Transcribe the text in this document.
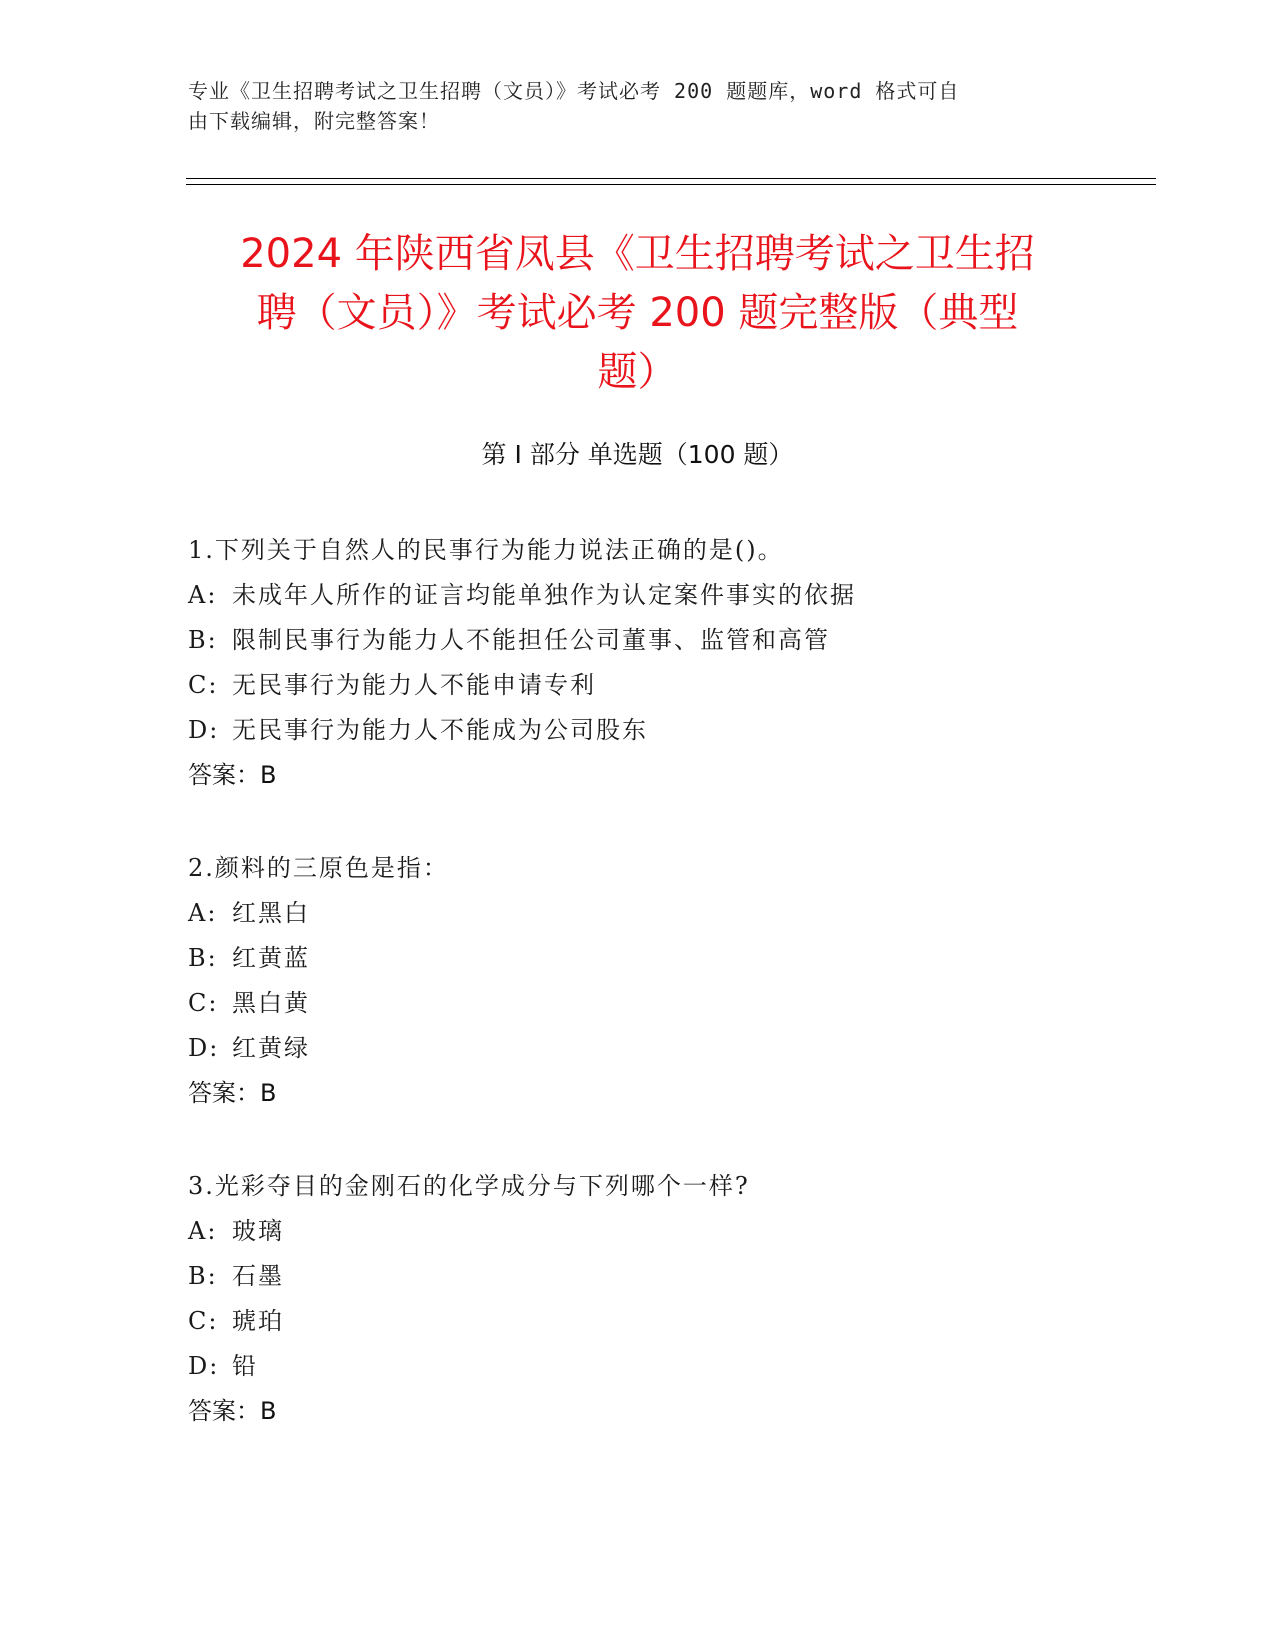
专业《卫生招聘考试之卫生招聘（文员）》考试必考 200 题题库，word 格式可自
由下载编辑，附完整答案！
2024 年陕西省凤县《卫生招聘考试之卫生招
聘（文员）》考试必考 200 题完整版（典型
题）
第 I 部分 单选题（100 题）
1.下列关于自然人的民事行为能力说法正确的是()。
A: 未成年人所作的证言均能单独作为认定案件事实的依据
B: 限制民事行为能力人不能担任公司董事、监管和高管
C: 无民事行为能力人不能申请专利
D: 无民事行为能力人不能成为公司股东
答案：B
2.颜料的三原色是指：
A: 红黑白
B: 红黄蓝
C: 黑白黄
D: 红黄绿
答案：B
3.光彩夺目的金刚石的化学成分与下列哪个一样?
A: 玻璃
B: 石墨
C: 琥珀
D: 铅
答案：B
